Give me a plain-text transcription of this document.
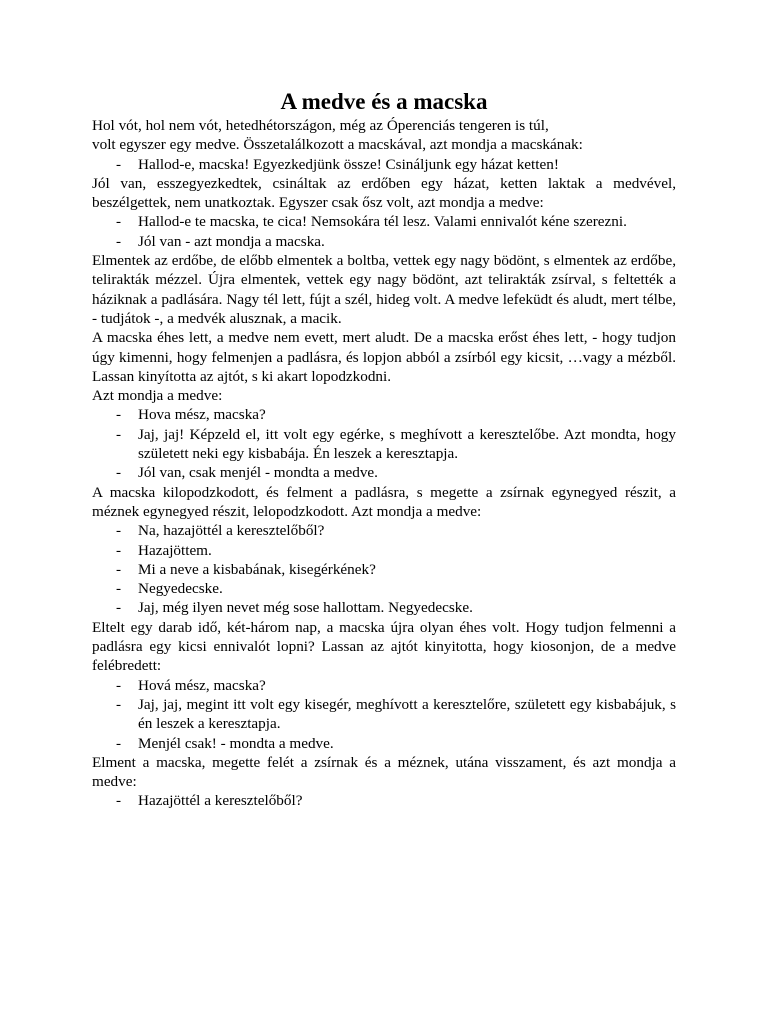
A medve és a macska

Hol vót, hol nem vót, hetedhétországon, még az Óperenciás tengeren is túl,

volt egyszer egy medve. Összetalálkozott a macskával, azt mondja a macskának:

- Hallod-e, macska! Egyezkedjünk össze! Csináljunk egy házat ketten!

Jól van, esszegyezkedtek, csináltak az erdőben egy házat, ketten laktak a medvével, beszélgettek, nem unatkoztak. Egyszer csak ősz volt, azt mondja a medve:

- Hallod-e te macska, te cica! Nemsokára tél lesz. Valami ennivalót kéne szerezni.

- Jól van - azt mondja a macska.

Elmentek az erdőbe, de előbb elmentek a boltba, vettek egy nagy bödönt, s elmentek az erdőbe, telirakták mézzel. Újra elmentek, vettek egy nagy bödönt, azt telirakták zsírval, s feltették a háziknak a padlására. Nagy tél lett, fújt a szél, hideg volt. A medve lefeküdt és aludt, mert télbe, - tudjátok -, a medvék alusznak, a macik.

A macska éhes lett, a medve nem evett, mert aludt. De a macska erőst éhes lett, - hogy tudjon úgy kimenni, hogy felmenjen a padlásra, és lopjon abból a zsírból egy kicsit, …vagy a mézből. Lassan kinyította az ajtót, s ki akart lopodzkodni.

Azt mondja a medve:

- Hova mész, macska?

- Jaj, jaj! Képzeld el, itt volt egy egérke, s meghívott a keresztelőbe. Azt mondta, hogy született neki egy kisbabája. Én leszek a keresztapja.

- Jól van, csak menjél - mondta a medve.

A macska kilopodzkodott, és felment a padlásra, s megette a zsírnak egynegyed részit, a méznek egynegyed részit, lelopodzkodott. Azt mondja a medve:

- Na, hazajöttél a keresztelőből?

- Hazajöttem.

- Mi a neve a kisbabának, kisegérkének?

- Negyedecske.

- Jaj, még ilyen nevet még sose hallottam. Negyedecske.

Eltelt egy darab idő, két-három nap, a macska újra olyan éhes volt. Hogy tudjon felmenni a padlásra egy kicsi ennivalót lopni? Lassan az ajtót kinyitotta, hogy kiosonjon, de a medve felébredett:

- Hová mész, macska?

- Jaj, jaj, megint itt volt egy kisegér, meghívott a keresztelőre, született egy kisbabájuk, s én leszek a keresztapja.

- Menjél csak! - mondta a medve.

Elment a macska, megette felét a zsírnak és a méznek, utána visszament, és azt mondja a medve:

- Hazajöttél a keresztelőből?
